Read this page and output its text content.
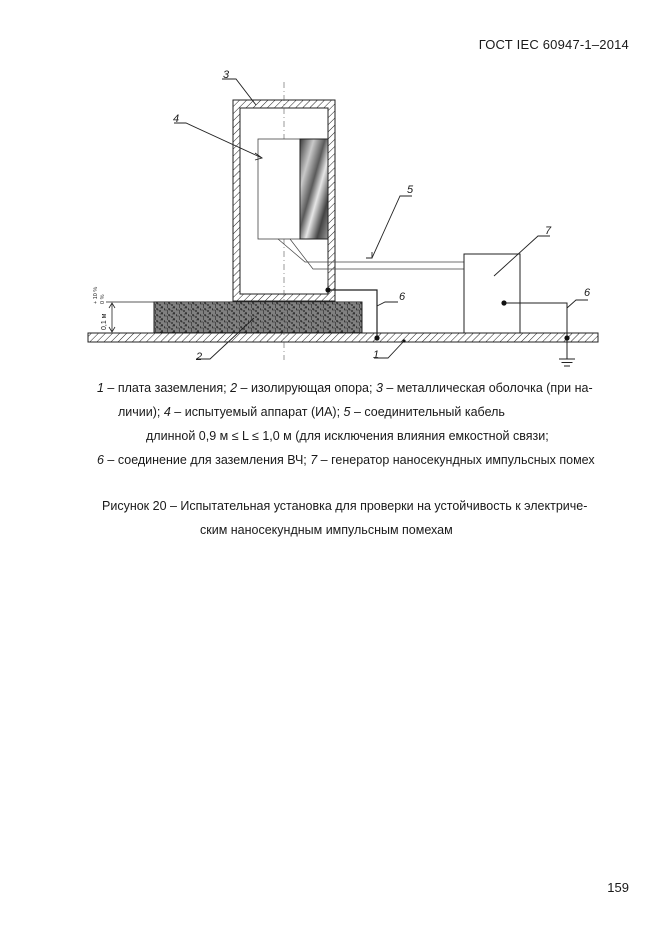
ГОСТ IEC 60947-1–2014
0,1 м
+ 10 % 0 %
1
2
3
4
5
6	6
7
1 – плата заземления; 2 – изолирующая опора; 3 – металлическая оболочка (при на-
личии); 4 – испытуемый аппарат (ИА); 5 – соединительный кабель
длинной 0,9 м ≤ L ≤ 1,0 м (для исключения влияния емкостной связи;
6 – соединение для заземления ВЧ; 7 – генератор наносекундных импульсных помех
Рисунок 20 – Испытательная установка для проверки на устойчивость к электриче-
ским наносекундным импульсным помехам
159
